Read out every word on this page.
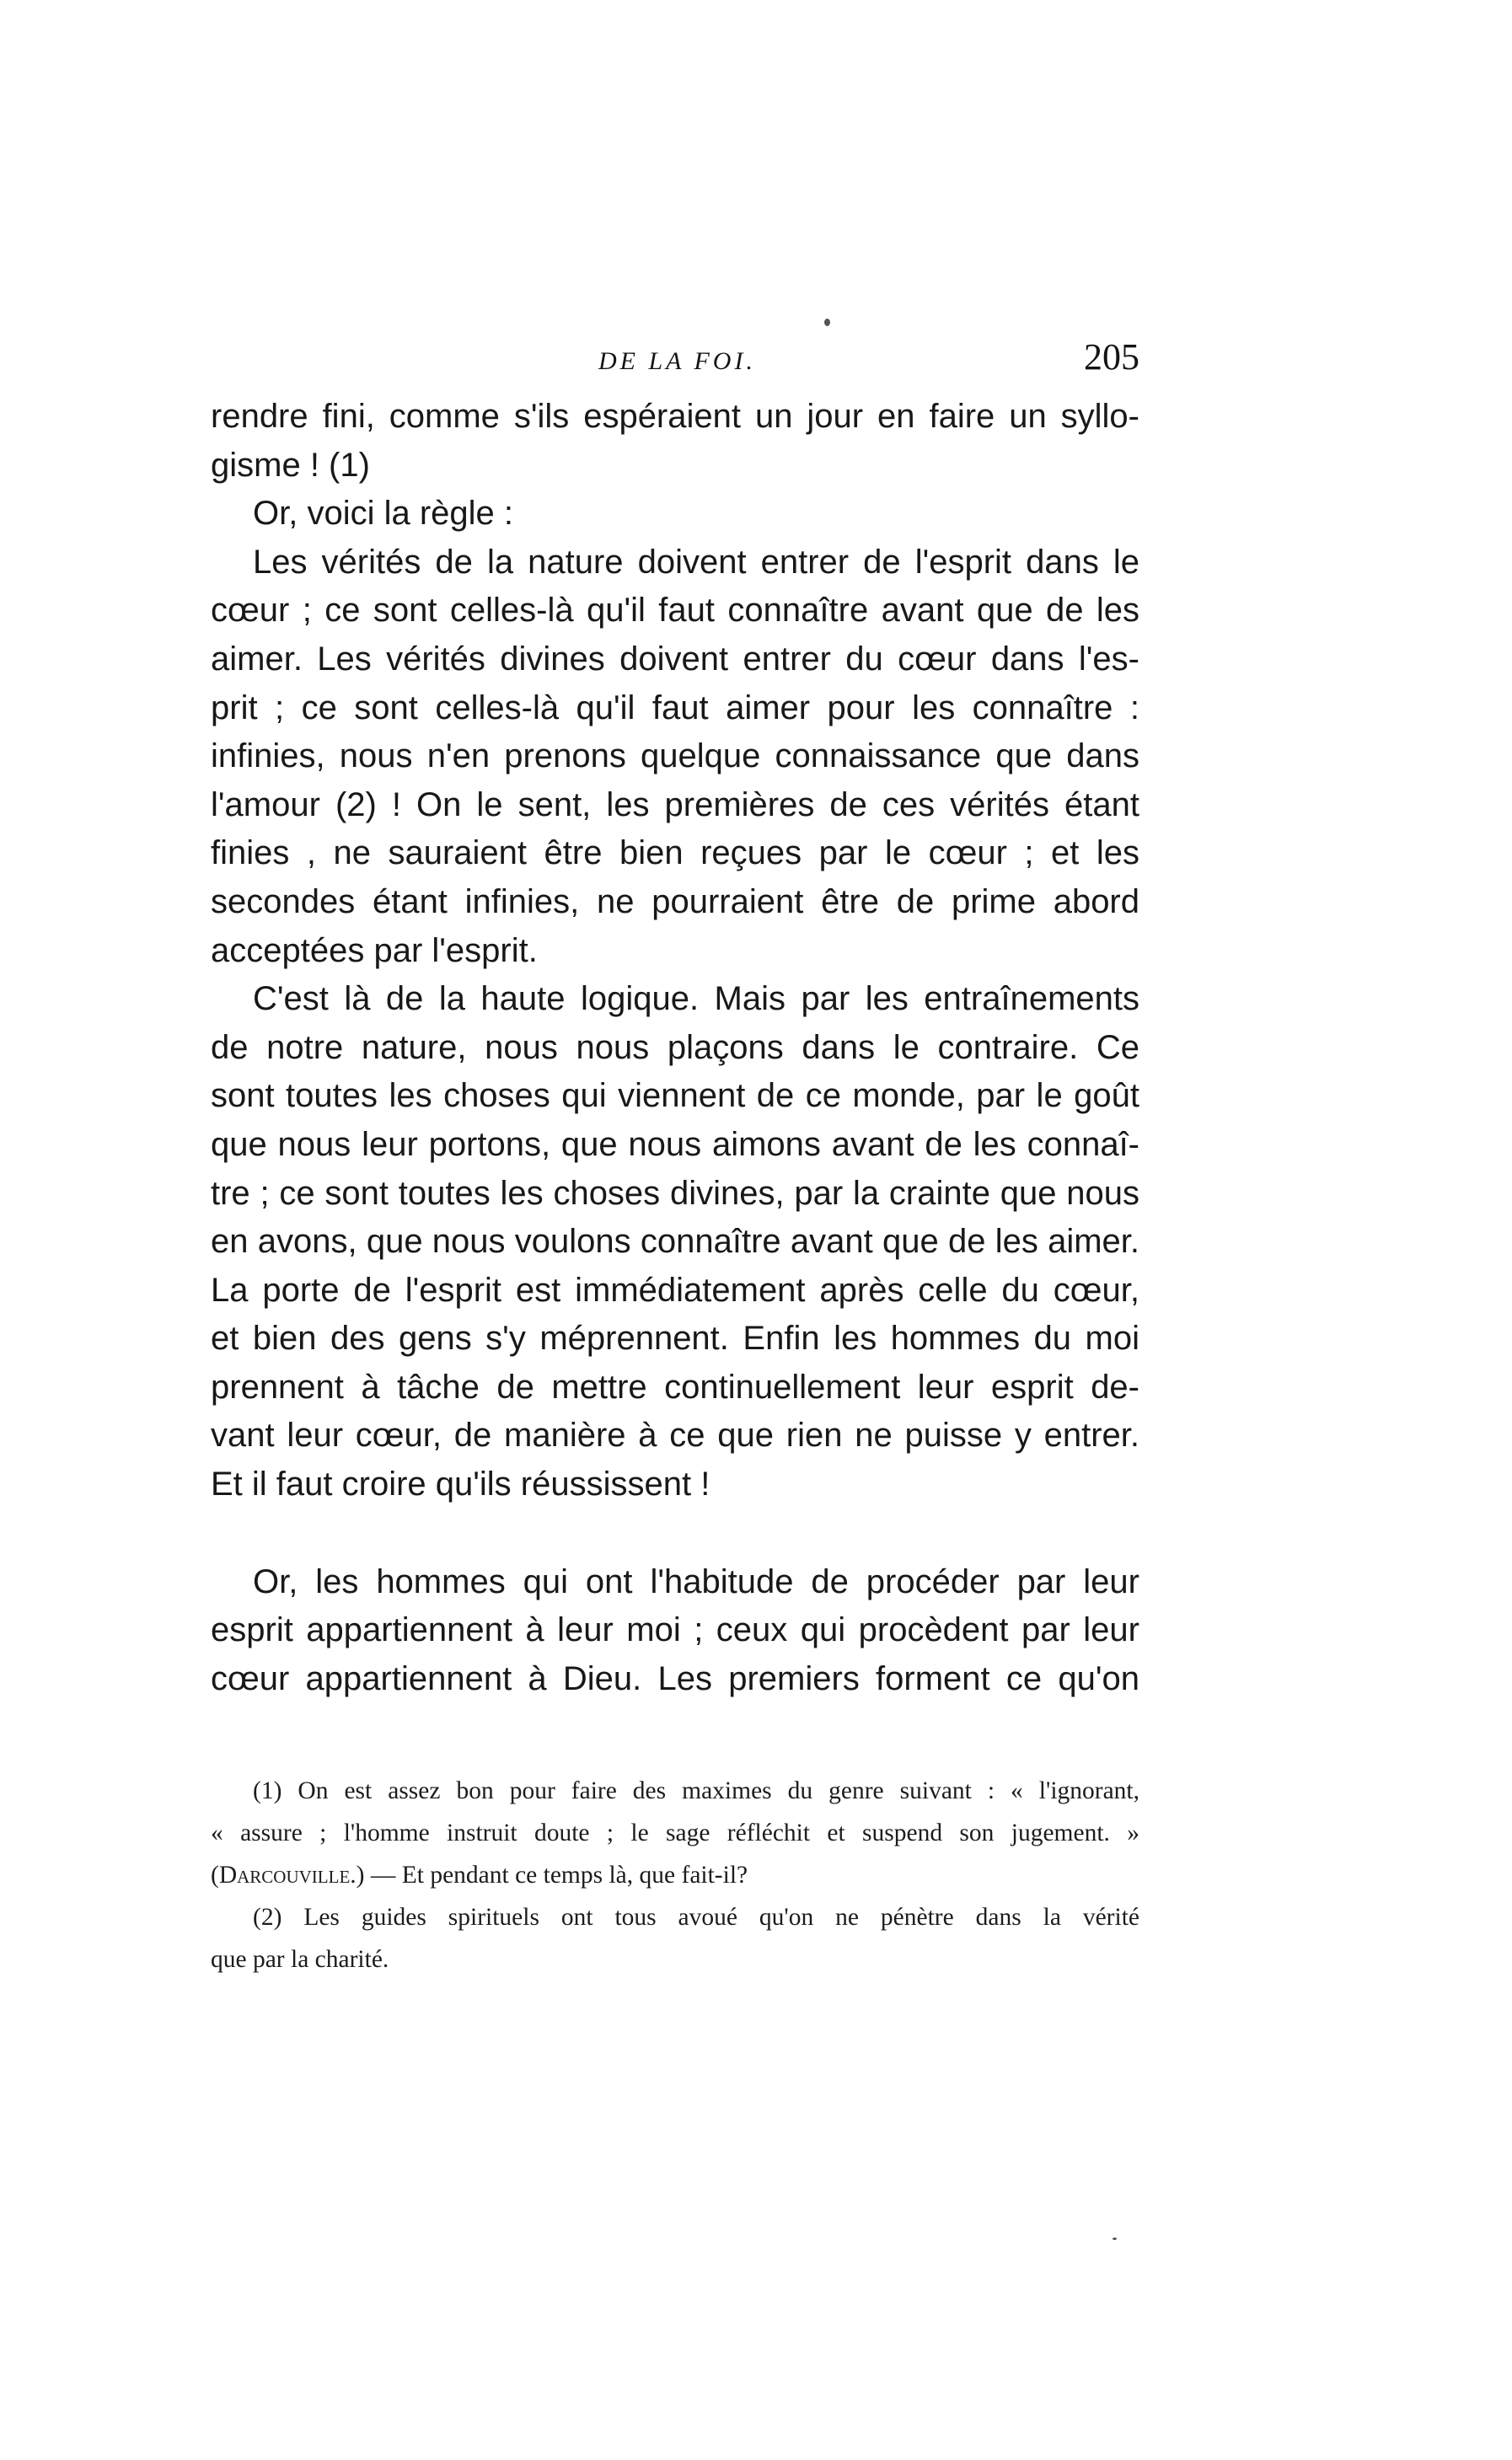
DE LA FOI.	205
rendre fini, comme s'ils espéraient un jour en faire un syllo-
gisme ! (1)
Or, voici la règle :
Les vérités de la nature doivent entrer de l'esprit dans le
cœur ; ce sont celles-là qu'il faut connaître avant que de les
aimer. Les vérités divines doivent entrer du cœur dans l'es-
prit ; ce sont celles-là qu'il faut aimer pour les connaître :
infinies, nous n'en prenons quelque connaissance que dans
l'amour (2) ! On le sent, les premières de ces vérités étant
finies , ne sauraient être bien reçues par le cœur ; et les
secondes étant infinies, ne pourraient être de prime abord
acceptées par l'esprit.
C'est là de la haute logique. Mais par les entraînements
de notre nature, nous nous plaçons dans le contraire. Ce
sont toutes les choses qui viennent de ce monde, par le goût
que nous leur portons, que nous aimons avant de les connaî-
tre ; ce sont toutes les choses divines, par la crainte que nous
en avons, que nous voulons connaître avant que de les aimer.
La porte de l'esprit est immédiatement après celle du cœur,
et bien des gens s'y méprennent. Enfin les hommes du moi
prennent à tâche de mettre continuellement leur esprit de-
vant leur cœur, de manière à ce que rien ne puisse y entrer.
Et il faut croire qu'ils réussissent !
Or, les hommes qui ont l'habitude de procéder par leur
esprit appartiennent à leur moi ; ceux qui procèdent par leur
cœur appartiennent à Dieu. Les premiers forment ce qu'on
(1) On est assez bon pour faire des maximes du genre suivant : « l'ignorant,
« assure ; l'homme instruit doute ; le sage réfléchit et suspend son jugement. »
(Darcouville.) — Et pendant ce temps là, que fait-il?
(2) Les guides spirituels ont tous avoué qu'on ne pénètre dans la vérité
que par la charité.
